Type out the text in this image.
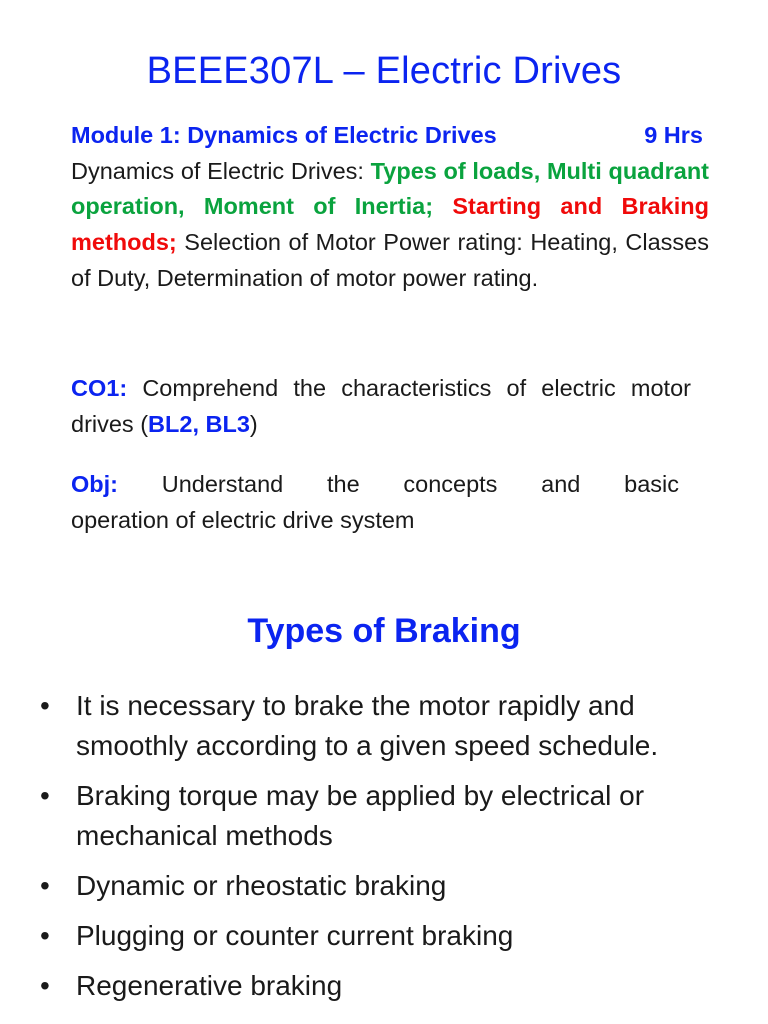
BEEE307L – Electric Drives
Module 1: Dynamics of Electric Drives	9 Hrs

Dynamics of Electric Drives: Types of loads, Multi quadrant operation, Moment of Inertia; Starting and Braking methods; Selection of Motor Power rating: Heating, Classes of Duty, Determination of motor power rating.

CO1: Comprehend the characteristics of electric motor drives (BL2, BL3)

Obj: Understand the concepts and basic
operation of electric drive system
Types of Braking
• It is necessary to brake the motor rapidly and smoothly according to a given speed schedule.
• Braking torque may be applied by electrical or mechanical methods
• Dynamic or rheostatic braking
• Plugging or counter current braking
• Regenerative braking
